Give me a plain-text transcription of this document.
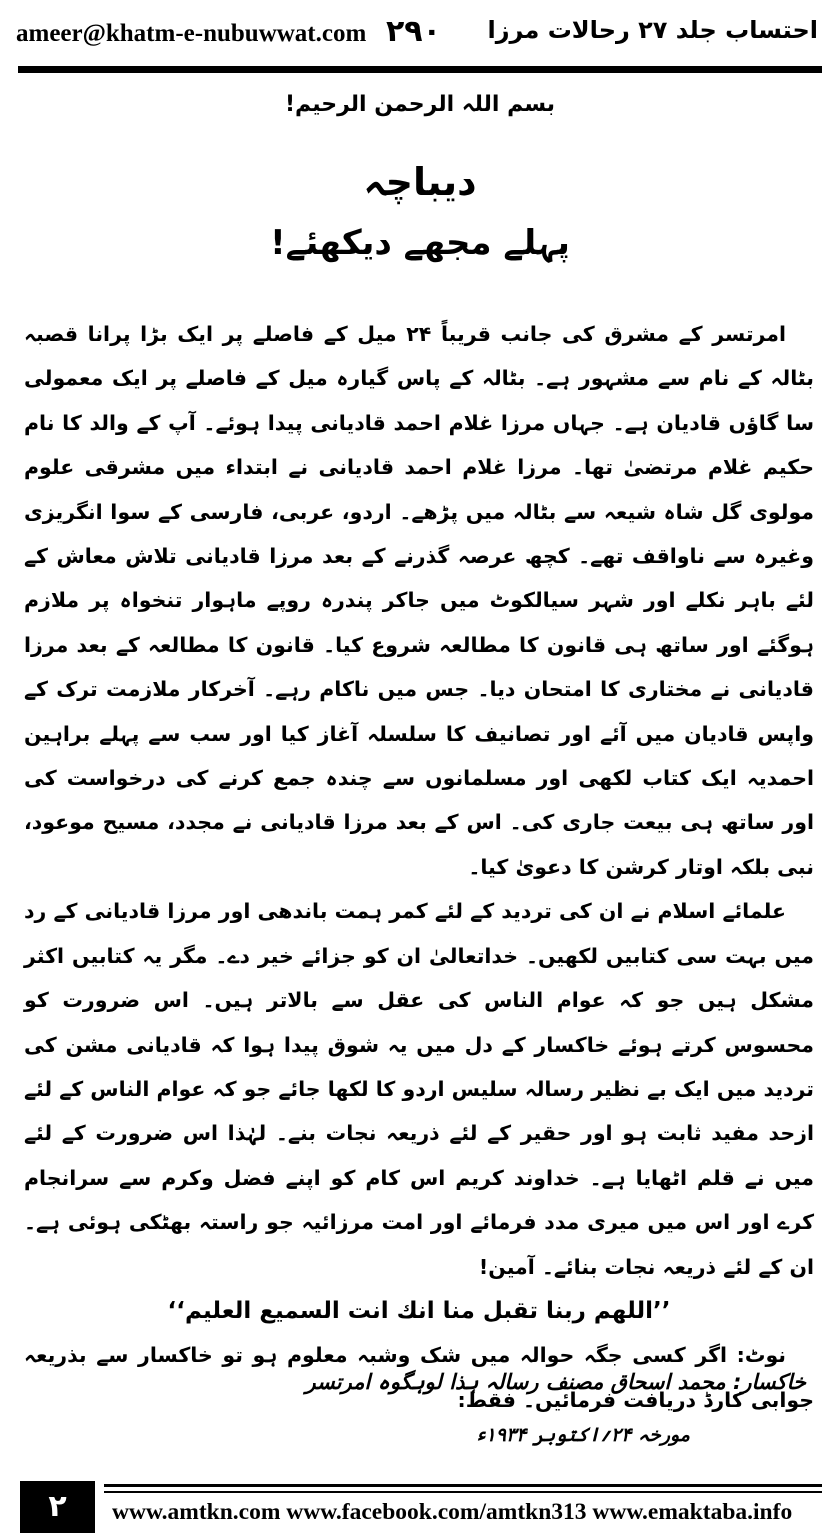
ameer@khatm-e-nubuwwat.com ۲۹۰ احتساب جلد ۲۷ رحالات مرزا
بسم اللہ الرحمن الرحیم!
دیباچہ
پہلے مجھے دیکھئے!

امرتسر کے مشرق کی جانب قریباً ۲۴ میل کے فاصلے پر ایک بڑا پرانا قصبہ بٹالہ کے نام سے مشہور ہے۔ بٹالہ کے پاس گیارہ میل کے فاصلے پر ایک معمولی سا گاؤں قادیان ہے۔ جہاں مرزا غلام احمد قادیانی پیدا ہوئے۔ آپ کے والد کا نام حکیم غلام مرتضیٰ تھا۔ مرزا غلام احمد قادیانی نے ابتداء میں مشرقی علوم مولوی گل شاہ شیعہ سے بٹالہ میں پڑھے۔ اردو، عربی، فارسی کے سوا انگریزی وغیرہ سے ناواقف تھے۔ کچھ عرصہ گذرنے کے بعد مرزا قادیانی تلاش معاش کے لئے باہر نکلے اور شہر سیالکوٹ میں جاکر پندرہ روپے ماہوار تنخواہ پر ملازم ہوگئے اور ساتھ ہی قانون کا مطالعہ شروع کیا۔ قانون کا مطالعہ کے بعد مرزا قادیانی نے مختاری کا امتحان دیا۔ جس میں ناکام رہے۔ آخرکار ملازمت ترک کے واپس قادیان میں آئے اور تصانیف کا سلسلہ آغاز کیا اور سب سے پہلے براہین احمدیہ ایک کتاب لکھی اور مسلمانوں سے چندہ جمع کرنے کی درخواست کی اور ساتھ ہی بیعت جاری کی۔ اس کے بعد مرزا قادیانی نے مجدد، مسیح موعود، نبی بلکہ اوتار کرشن کا دعویٰ کیا۔

علمائے اسلام نے ان کی تردید کے لئے کمر ہمت باندھی اور مرزا قادیانی کے رد میں بہت سی کتابیں لکھیں۔ خداتعالیٰ ان کو جزائے خیر دے۔ مگر یہ کتابیں اکثر مشکل ہیں جو کہ عوام الناس کی عقل سے بالاتر ہیں۔ اس ضرورت کو محسوس کرتے ہوئے خاکسار کے دل میں یہ شوق پیدا ہوا کہ قادیانی مشن کی تردید میں ایک بے نظیر رسالہ سلیس اردو کا لکھا جائے جو کہ عوام الناس کے لئے ازحد مفید ثابت ہو اور حقیر کے لئے ذریعہ نجات بنے۔ لہٰذا اس ضرورت کے لئے میں نے قلم اٹھایا ہے۔ خداوند کریم اس کام کو اپنے فضل وکرم سے سرانجام کرے اور اس میں میری مدد فرمائے اور امت مرزائیہ جو راستہ بھٹکی ہوئی ہے۔ ان کے لئے ذریعہ نجات بنائے۔ آمین!

’’اللھم ربنا تقبل منا انك انت السمیع العلیم‘‘

نوٹ: اگر کسی جگہ حوالہ میں شک وشبہ معلوم ہو تو خاکسار سے بذریعہ جوابی کارڈ دریافت فرمائیں۔ فقط:

خاکسار: محمد اسحاق مصنف رسالہ ہذا لوہگوہ امرتسر
مورخہ ۲۴؍اکتوبر ۱۹۳۴ء
۲	www.amtkn.com www.facebook.com/amtkn313 www.emaktaba.info
